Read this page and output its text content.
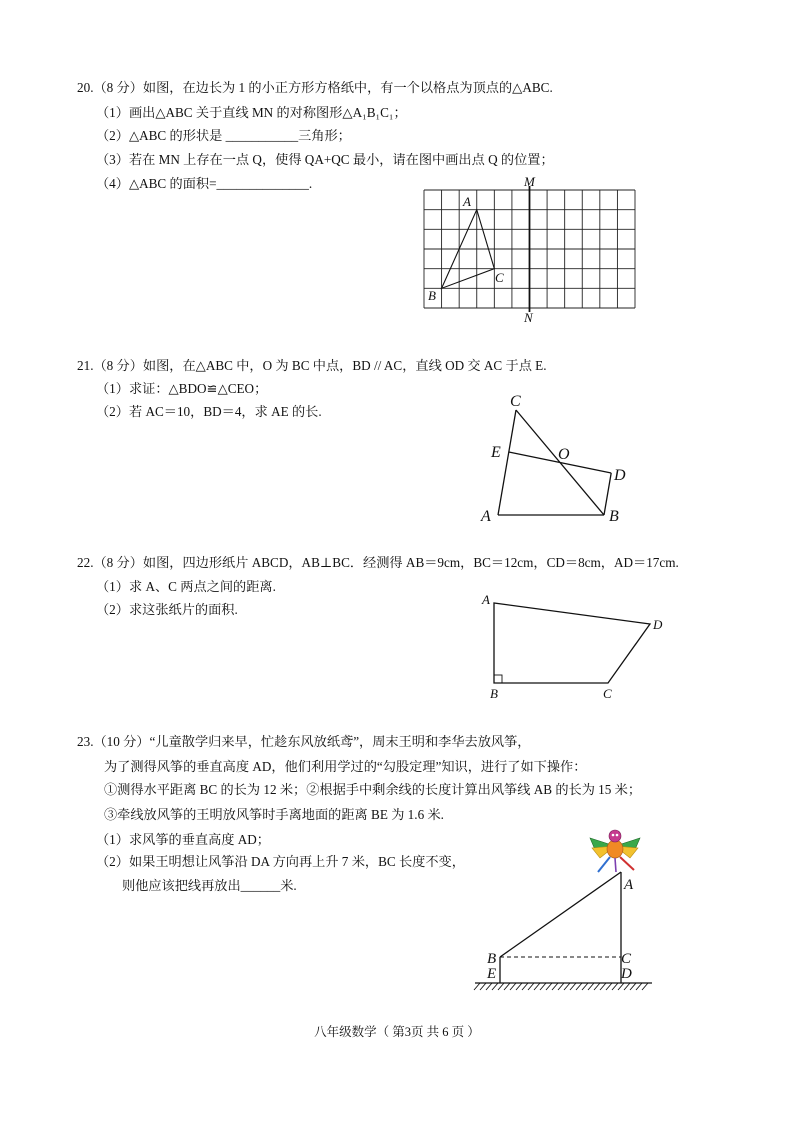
20.（8 分）如图，在边长为 1 的小正方形方格纸中，有一个以格点为顶点的△ABC.
（1）画出△ABC 关于直线 MN 的对称图形△A₁B₁C₁；
（2）△ABC 的形状是 ___________三角形；
（3）若在 MN 上存在一点 Q，使得 QA+QC 最小，请在图中画出点 Q 的位置；
（4）△ABC 的面积=______________.	M
N
A
B
C
21.（8 分）如图，在△ABC 中，O 为 BC 中点，BD // AC，直线 OD 交 AC 于点 E.
（1）求证：△BDO≌△CEO；
（2）若 AC＝10，BD＝4，求 AE 的长.
C
E	O
D
A	B
22.（8 分）如图，四边形纸片 ABCD，AB⊥BC．经测得 AB＝9cm，BC＝12cm，CD＝8cm，AD＝17cm.
（1）求 A、C 两点之间的距离.
（2）求这张纸片的面积.
A
B	C
D
23.（10 分）“儿童散学归来早，忙趁东风放纸鸢”，周末王明和李华去放风筝，
为了测得风筝的垂直高度 AD，他们利用学过的“勾股定理”知识，进行了如下操作：
①测得水平距离 BC 的长为 12 米；②根据手中剩余线的长度计算出风筝线 AB 的长为 15 米；
③牵线放风筝的王明放风筝时手离地面的距离 BE 为 1.6 米.
（1）求风筝的垂直高度 AD；
（2）如果王明想让风筝沿 DA 方向再上升 7 米，BC 长度不变，
则他应该把线再放出______米.	A
B	C
E	D
八年级数学（ 第3页 共 6 页 ）
